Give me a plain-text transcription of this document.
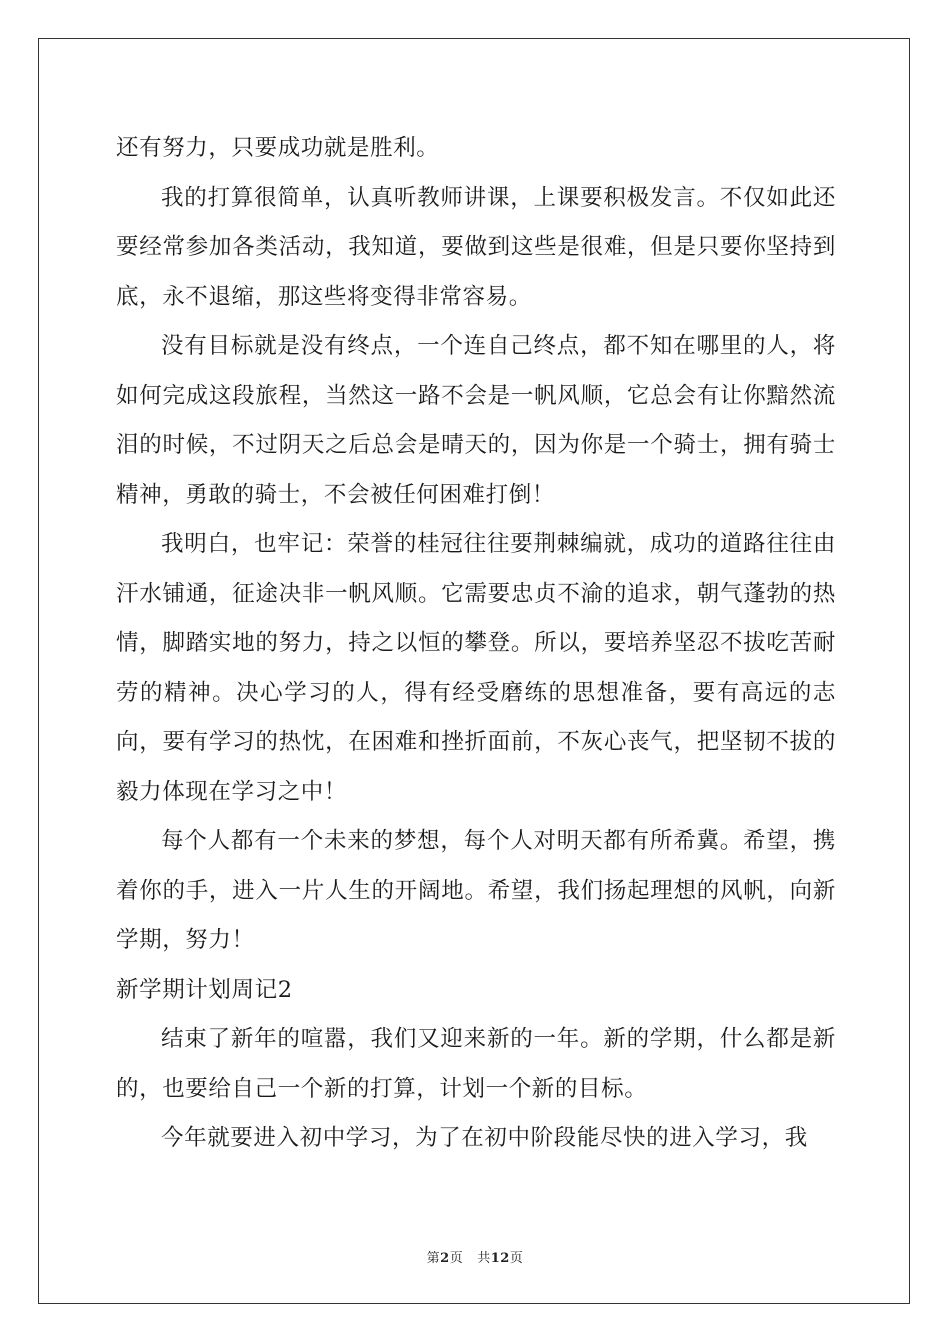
还有努力，只要成功就是胜利。

我的打算很简单，认真听教师讲课，上课要积极发言。不仅如此还要经常参加各类活动，我知道，要做到这些是很难，但是只要你坚持到底，永不退缩，那这些将变得非常容易。

没有目标就是没有终点，一个连自己终点，都不知在哪里的人，将如何完成这段旅程，当然这一路不会是一帆风顺，它总会有让你黯然流泪的时候，不过阴天之后总会是晴天的，因为你是一个骑士，拥有骑士精神，勇敢的骑士，不会被任何困难打倒！

我明白，也牢记：荣誉的桂冠往往要荆棘编就，成功的道路往往由汗水铺通，征途决非一帆风顺。它需要忠贞不渝的追求，朝气蓬勃的热情，脚踏实地的努力，持之以恒的攀登。所以，要培养坚忍不拔吃苦耐劳的精神。决心学习的人，得有经受磨练的思想准备，要有高远的志向，要有学习的热忱，在困难和挫折面前，不灰心丧气，把坚韧不拔的毅力体现在学习之中！

每个人都有一个未来的梦想，每个人对明天都有所希冀。希望，携着你的手，进入一片人生的开阔地。希望，我们扬起理想的风帆，向新学期，努力！

新学期计划周记2

结束了新年的喧嚣，我们又迎来新的一年。新的学期，什么都是新的，也要给自己一个新的打算，计划一个新的目标。

今年就要进入初中学习，为了在初中阶段能尽快的进入学习，我

第2页 共12页
